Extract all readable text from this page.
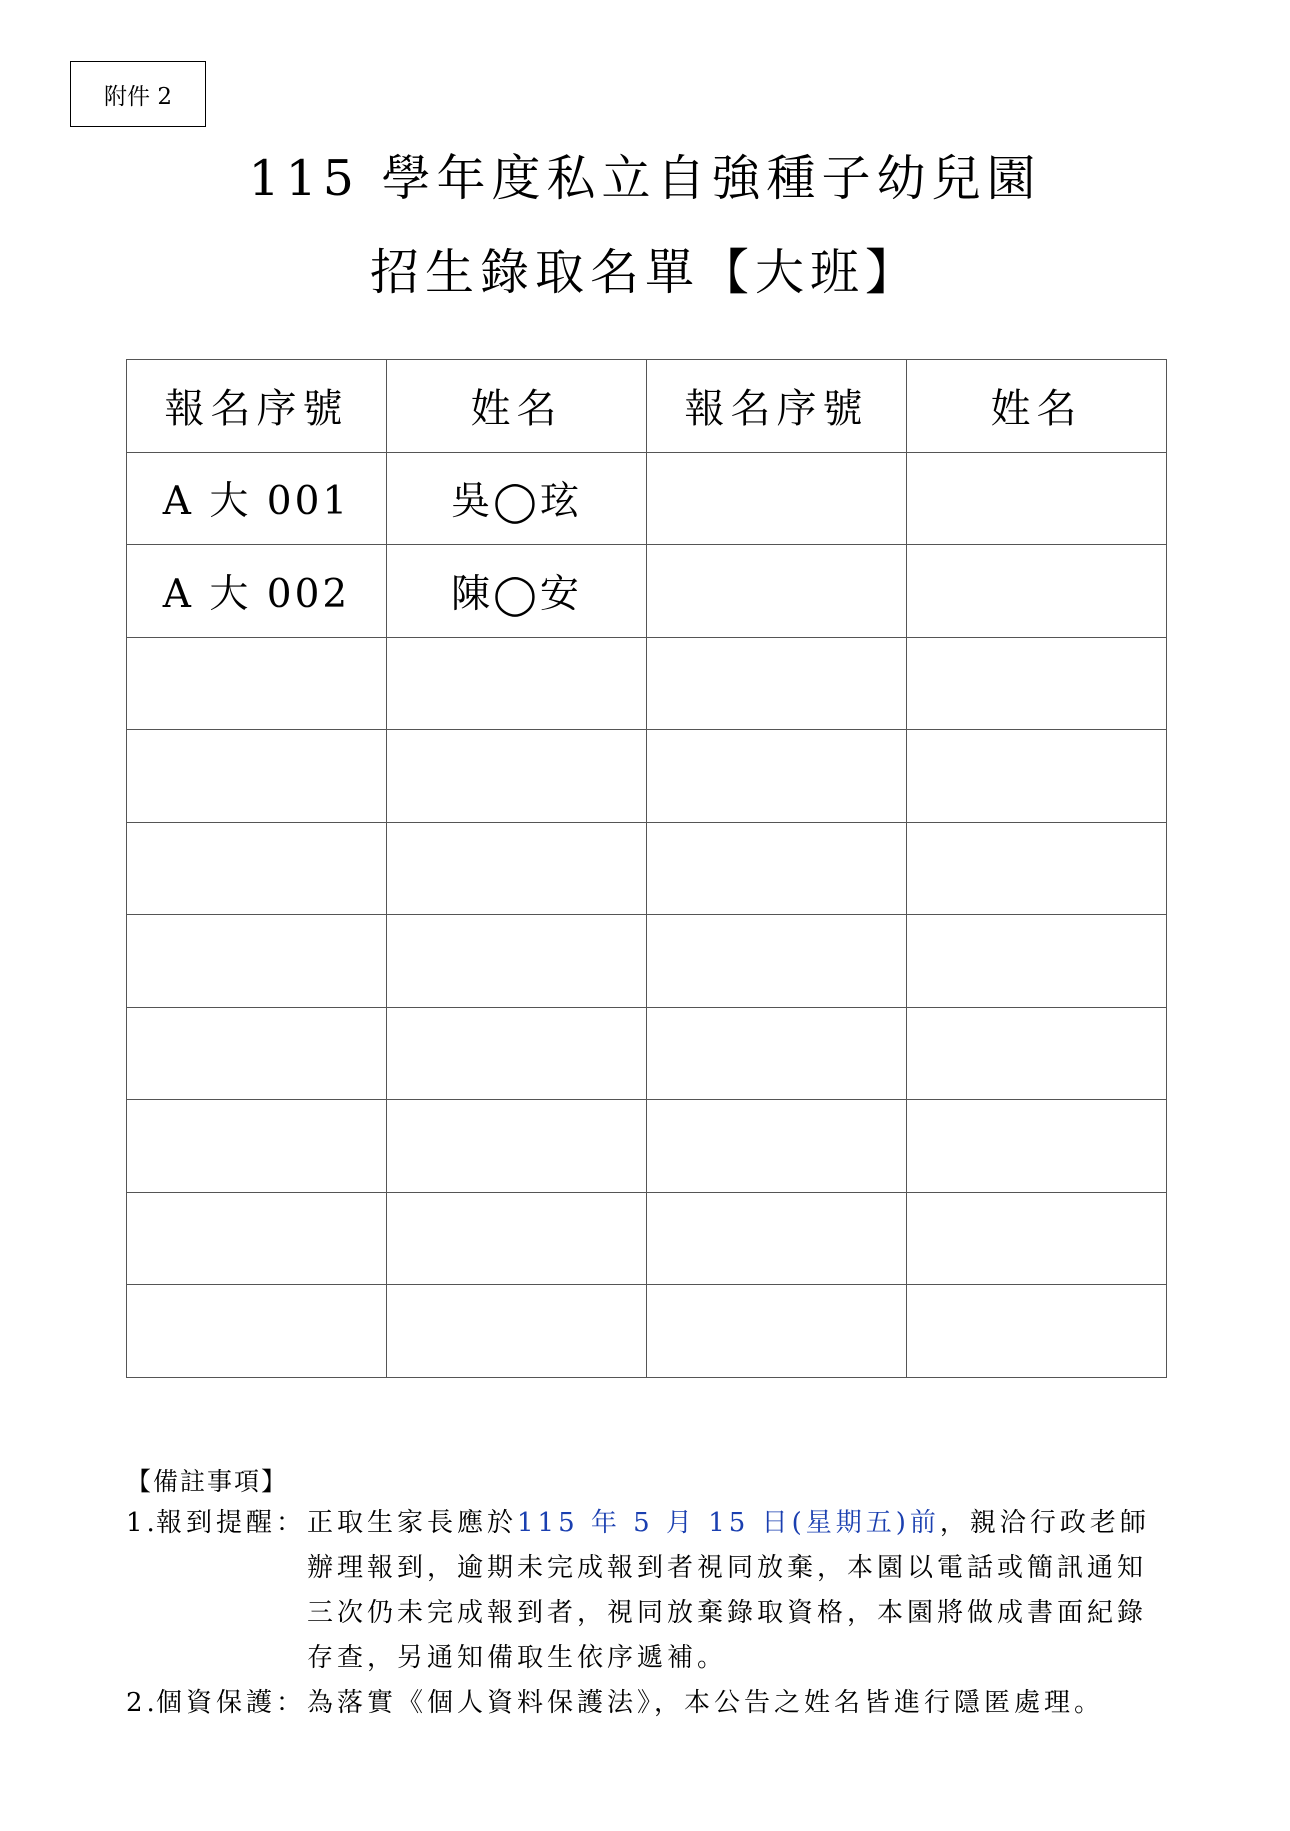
附件 2
115 學年度私立自強種子幼兒園
招生錄取名單【大班】
報名序號	姓名	報名序號	姓名
A 大 001	吳◯玹		
A 大 002	陳◯安		

【備註事項】
1.
報到提醒： 正取生家長應於115 年 5 月 15 日(星期五)前，親洽行政老師辦理報到，逾期未完成報到者視同放棄，本園以電話或簡訊通知三次仍未完成報到者，視同放棄錄取資格，本園將做成書面紀錄存查，另通知備取生依序遞補。
2.
個資保護： 為落實《個人資料保護法》，本公告之姓名皆進行隱匿處理。
